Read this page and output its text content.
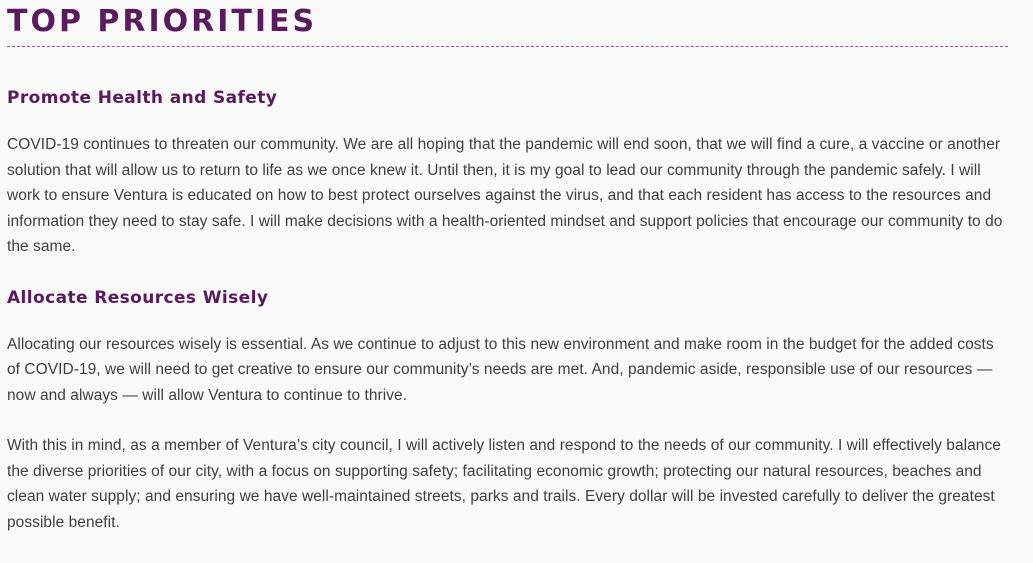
TOP PRIORITIES
Promote Health and Safety

COVID-19 continues to threaten our community. We are all hoping that the pandemic will end soon, that we will find a cure, a vaccine or another solution that will allow us to return to life as we once knew it. Until then, it is my goal to lead our community through the pandemic safely. I will work to ensure Ventura is educated on how to best protect ourselves against the virus, and that each resident has access to the resources and information they need to stay safe. I will make decisions with a health-oriented mindset and support policies that encourage our community to do the same.

Allocate Resources Wisely

Allocating our resources wisely is essential. As we continue to adjust to this new environment and make room in the budget for the added costs of COVID-19, we will need to get creative to ensure our community’s needs are met. And, pandemic aside, responsible use of our resources — now and always — will allow Ventura to continue to thrive.

With this in mind, as a member of Ventura’s city council, I will actively listen and respond to the needs of our community. I will effectively balance the diverse priorities of our city, with a focus on supporting safety; facilitating economic growth; protecting our natural resources, beaches and clean water supply; and ensuring we have well-maintained streets, parks and trails. Every dollar will be invested carefully to deliver the greatest possible benefit.
